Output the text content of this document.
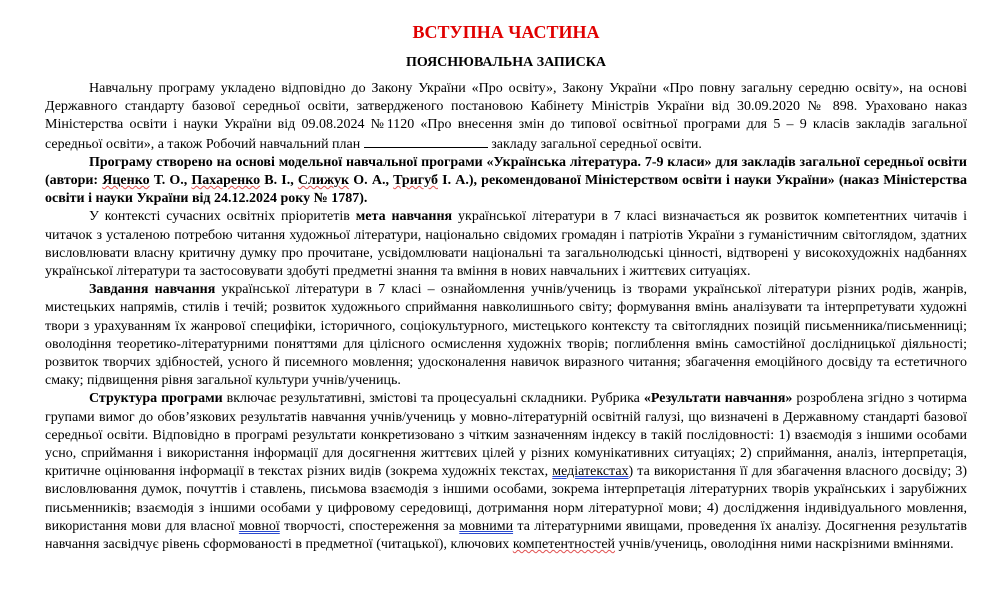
ВСТУПНА ЧАСТИНА
ПОЯСНЮВАЛЬНА ЗАПИСКА

Навчальну програму укладено відповідно до Закону України «Про освіту», Закону України «Про повну загальну середню освіту», на основі Державного стандарту базової середньої освіти, затвердженого постановою Кабінету Міністрів України від 30.09.2020 № 898. Ураховано наказ Міністерства освіти і науки України від 09.08.2024 №1120 «Про внесення змін до типової освітньої програми для 5 – 9 класів закладів загальної середньої освіти», а також Робочий навчальний план	закладу загальної середньої освіти.

Програму створено на основі модельної навчальної програми «Українська література. 7-9 класи» для закладів загальної середньої освіти (автори: Яценко Т. О., Пахаренко В. І., Слижук О. А., Тригуб І. А.), рекомендованої Міністерством освіти і науки України» (наказ Міністерства освіти і науки України від 24.12.2024 року № 1787).

У контексті сучасних освітніх пріоритетів мета навчання української літератури в 7 класі визначається як розвиток компетентних читачів і читачок з усталеною потребою читання художньої літератури, національно свідомих громадян і патріотів України з гуманістичним світоглядом, здатних висловлювати власну критичну думку про прочитане, усвідомлювати національні та загальнолюдські цінності, відтворені у високохудожніх надбаннях української літератури та застосовувати здобуті предметні знання та вміння в нових навчальних і життєвих ситуаціях.

Завдання навчання української літератури в 7 класі – ознайомлення учнів/учениць із творами української літератури різних родів, жанрів, мистецьких напрямів, стилів і течій; розвиток художнього сприймання навколишнього світу; формування вмінь аналізувати та інтерпретувати художні твори з урахуванням їх жанрової специфіки, історичного, соціокультурного, мистецького контексту та світоглядних позицій письменника/письменниці; оволодіння теоретико-літературними поняттями для цілісного осмислення художніх творів; поглиблення вмінь самостійної дослідницької діяльності; розвиток творчих здібностей, усного й писемного мовлення; удосконалення навичок виразного читання; збагачення емоційного досвіду та естетичного смаку; підвищення рівня загальної культури учнів/учениць.

Структура програми включає результативні, змістові та процесуальні складники. Рубрика «Результати навчання» розроблена згідно з чотирма групами вимог до обов’язкових результатів навчання учнів/учениць у мовно-літературній освітній галузі, що визначені в Державному стандарті базової середньої освіти. Відповідно в програмі результати конкретизовано з чітким зазначенням індексу в такій послідовності: 1) взаємодія з іншими особами усно, сприймання і використання інформації для досягнення життєвих цілей у різних комунікативних ситуаціях; 2) сприймання, аналіз, інтерпретація, критичне оцінювання інформації в текстах різних видів (зокрема художніх текстах, медіатекстах) та використання її для збагачення власного досвіду; 3) висловлювання думок, почуттів і ставлень, письмова взаємодія з іншими особами, зокрема інтерпретація літературних творів українських і зарубіжних письменників; взаємодія з іншими особами у цифровому середовищі, дотримання норм літературної мови; 4) дослідження індивідуального мовлення, використання мови для власної мовної творчості, спостереження за мовними та літературними явищами, проведення їх аналізу. Досягнення результатів навчання засвідчує рівень сформованості в предметної (читацької), ключових компетентностей учнів/учениць, оволодіння ними наскрізними вміннями.
